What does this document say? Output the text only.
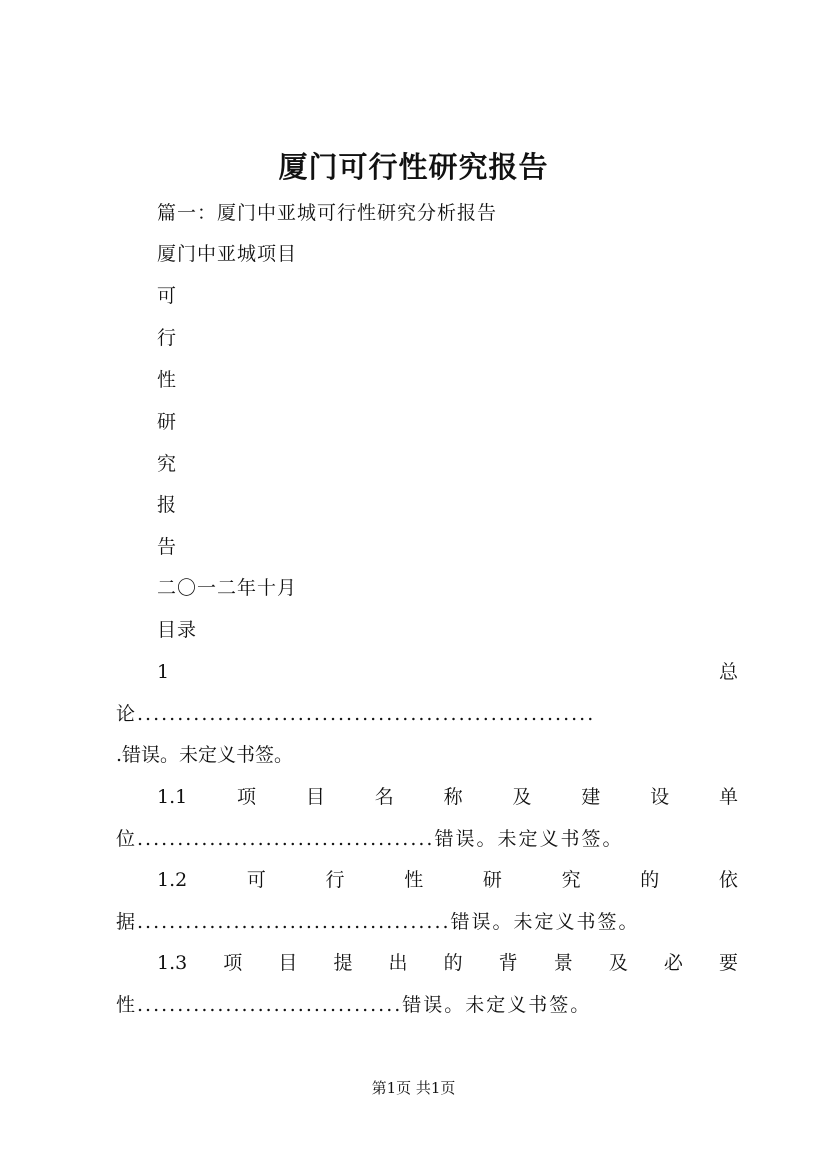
厦门可行性研究报告
篇一：厦门中亚城可行性研究分析报告
厦门中亚城项目
可
行
性
研
究
报
告
二〇一二年十月
目录
1	总
论.........................................................
.错误。未定义书签。
1.1	项	目	名	称	及	建	设	单
位.....................................错误。未定义书签。
1.2	可	行	性	研	究	的	依
据.......................................错误。未定义书签。
1.3 项 目 提 出 的 背 景 及 必 要
性.................................错误。未定义书签。
第1页 共1页
